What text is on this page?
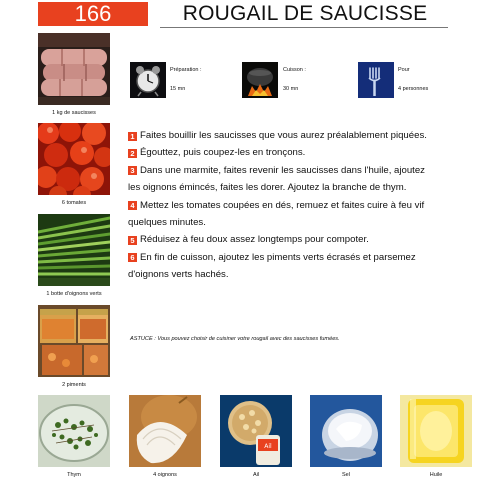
166	ROUGAIL DE SAUCISSE
1 kg de saucisses
6 tomates
1 botte d'oignons verts
2 piments
Préparation :
15 mn
Cuisson :
30 mn
Pour
4 personnes
1 Faites bouillir les saucisses que vous aurez préalablement piquées.
2 Égouttez, puis coupez-les en tronçons.
3 Dans une marmite, faites revenir les saucisses dans l'huile, ajoutez les oignons émincés, faites les dorer. Ajoutez la branche de thym.
4 Mettez les tomates coupées en dés, remuez et faites cuire à feu vif quelques minutes.
5 Réduisez à feu doux assez longtemps pour compoter.
6 En fin de cuisson, ajoutez les piments verts écrasés et parsemez d'oignons verts hachés.
ASTUCE : Vous pouvez choisir de cuisiner votre rougail avec des saucisses fumées.
Thym	4 oignons
Ail
Ail	Sel	Huile
